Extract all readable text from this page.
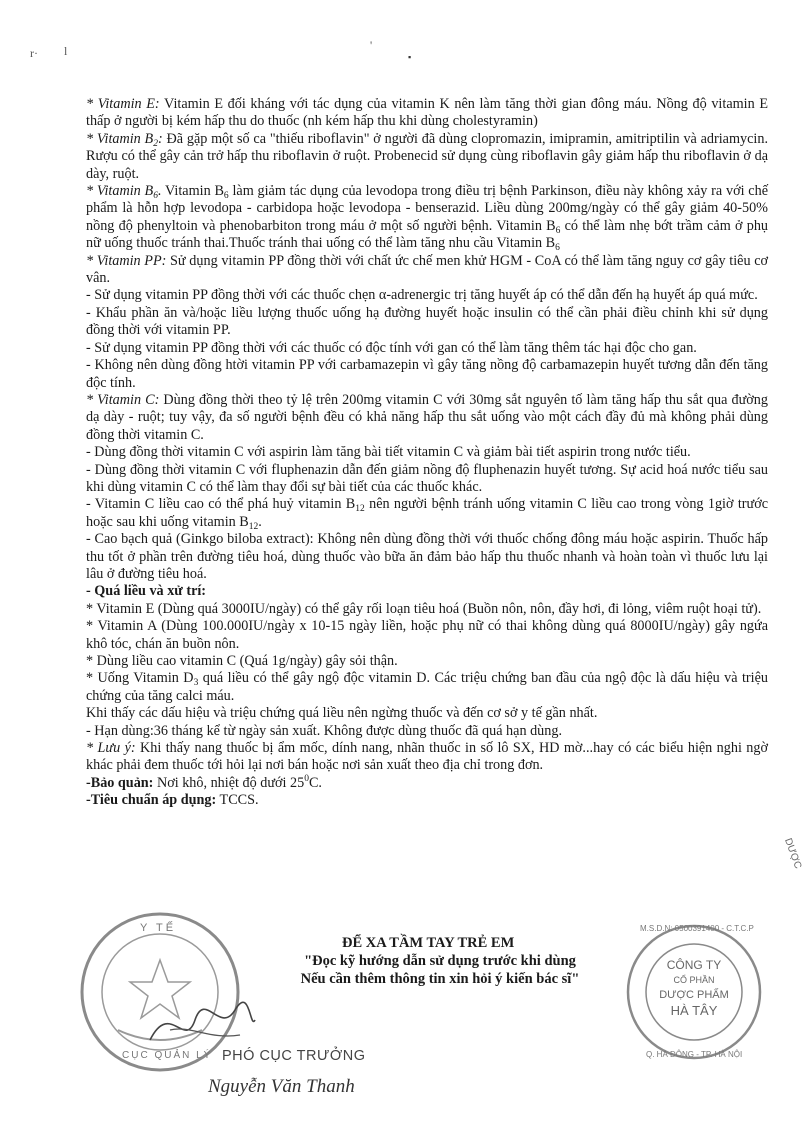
r· l	'
▪

* Vitamin E: Vitamin E đối kháng với tác dụng của vitamin K nên làm tăng thời gian đông máu. Nồng độ vitamin E thấp ở người bị kém hấp thu do thuốc (nh kém hấp thu khi dùng cholestyramin)

* Vitamin $B_2$: Đã gặp một số ca "thiếu riboflavin" ở người đã dùng clopromazin, imipramin, amitriptilin và adriamycin. Rượu có thể gây cản trở hấp thu riboflavin ở ruột. Probenecid sử dụng cùng riboflavin gây giảm hấp thu riboflavin ở dạ dày, ruột.

* Vitamin $B_6$. Vitamin $B_6$ làm giảm tác dụng của levodopa trong điều trị bệnh Parkinson, điều này không xảy ra với chế phẩm là hỗn hợp levodopa - carbidopa hoặc levodopa - benserazid. Liều dùng 200mg/ngày có thể gây giảm 40-50% nồng độ phenyltoin và phenobarbiton trong máu ở một số người bệnh. Vitamin $B_6$ có thể làm nhẹ bớt trầm cảm ở phụ nữ uống thuốc tránh thai.Thuốc tránh thai uống có thể làm tăng nhu cầu Vitamin $B_6$

* Vitamin PP: Sử dụng vitamin PP đồng thời với chất ức chế men khử HGM - CoA có thể làm tăng nguy cơ gây tiêu cơ vân.

- Sử dụng vitamin PP đồng thời với các thuốc chẹn α-adrenergic trị tăng huyết áp có thể dẫn đến hạ huyết áp quá mức.

- Khẩu phần ăn và/hoặc liều lượng thuốc uống hạ đường huyết hoặc insulin có thể cần phải điều chỉnh khi sử dụng đồng thời với vitamin PP.

- Sử dụng vitamin PP đồng thời với các thuốc có độc tính với gan có thể làm tăng thêm tác hại độc cho gan.

- Không nên dùng đồng htời vitamin PP với carbamazepin vì gây tăng nồng độ carbamazepin huyết tương dẫn đến tăng độc tính.

* Vitamin C: Dùng đồng thời theo tỷ lệ trên 200mg vitamin C với 30mg sắt nguyên tố làm tăng hấp thu sắt qua đường dạ dày - ruột; tuy vậy, đa số người bệnh đều có khả năng hấp thu sắt uống vào một cách đầy đủ mà không phải dùng đồng thời vitamin C.

- Dùng đồng thời vitamin C với aspirin làm tăng bài tiết vitamin C và giảm bài tiết aspirin trong nước tiểu.

- Dùng đồng thời vitamin C với fluphenazin dẫn đến giảm nồng độ fluphenazin huyết tương. Sự acid hoá nước tiểu sau khi dùng vitamin C có thể làm thay đổi sự bài tiết của các thuốc khác.

- Vitamin C liều cao có thể phá huỷ vitamin $B_{12}$ nên người bệnh tránh uống vitamin C liều cao trong vòng 1giờ trước hoặc sau khi uống vitamin $B_{12}$.

- Cao bạch quả (Ginkgo biloba extract): Không nên dùng đồng thời với thuốc chống đông máu hoặc aspirin. Thuốc hấp thu tốt ở phần trên đường tiêu hoá, dùng thuốc vào bữa ăn đảm bảo hấp thu thuốc nhanh và hoàn toàn vì thuốc lưu lại lâu ở đường tiêu hoá.

- Quá liều và xử trí:

* Vitamin E (Dùng quá 3000IU/ngày) có thể gây rối loạn tiêu hoá (Buồn nôn, nôn, đầy hơi, đi lỏng, viêm ruột hoại tử).

* Vitamin A (Dùng 100.000IU/ngày x 10-15 ngày liền, hoặc phụ nữ có thai không dùng quá 8000IU/ngày) gây ngứa khô tóc, chán ăn buồn nôn.

* Dùng liều cao vitamin C (Quá 1g/ngày) gây sỏi thận.

* Uống Vitamin $D_3$ quá liều có thể gây ngộ độc vitamin D. Các triệu chứng ban đầu của ngộ độc là dấu hiệu và triệu chứng của tăng calci máu.

Khi thấy các dấu hiệu và triệu chứng quá liều nên ngừng thuốc và đến cơ sở y tế gần nhất.

- Hạn dùng:36 tháng kể từ ngày sản xuất. Không được dùng thuốc đã quá hạn dùng.

* Lưu ý: Khi thấy nang thuốc bị ẩm mốc, dính nang, nhãn thuốc in số lô SX, HD mờ...hay có các biểu hiện nghi ngờ khác phải đem thuốc tới hỏi lại nơi bán hoặc nơi sản xuất theo địa chỉ trong đơn.

-Bảo quản: Nơi khô, nhiệt độ dưới $25^0C$.

-Tiêu chuẩn áp dụng: TCCS.

ĐỂ XA TẦM TAY TRẺ EM
"Đọc kỹ hướng dẫn sử dụng trước khi dùng
Nếu cần thêm thông tin xin hỏi ý kiến bác sĩ"
Y TẾ
CỤC QUẢN LÝ PHÓ CỤC TRƯỞNG
Nguyễn Văn Thanh
M.S.D.N: 0500391400 - C.T.C.P
Q. HÀ ĐÔNG - TP. HÀ NỘI
CÔNG TY
CỔ PHẦN
DƯỢC PHẨM
HÀ TÂY
DƯỢC
